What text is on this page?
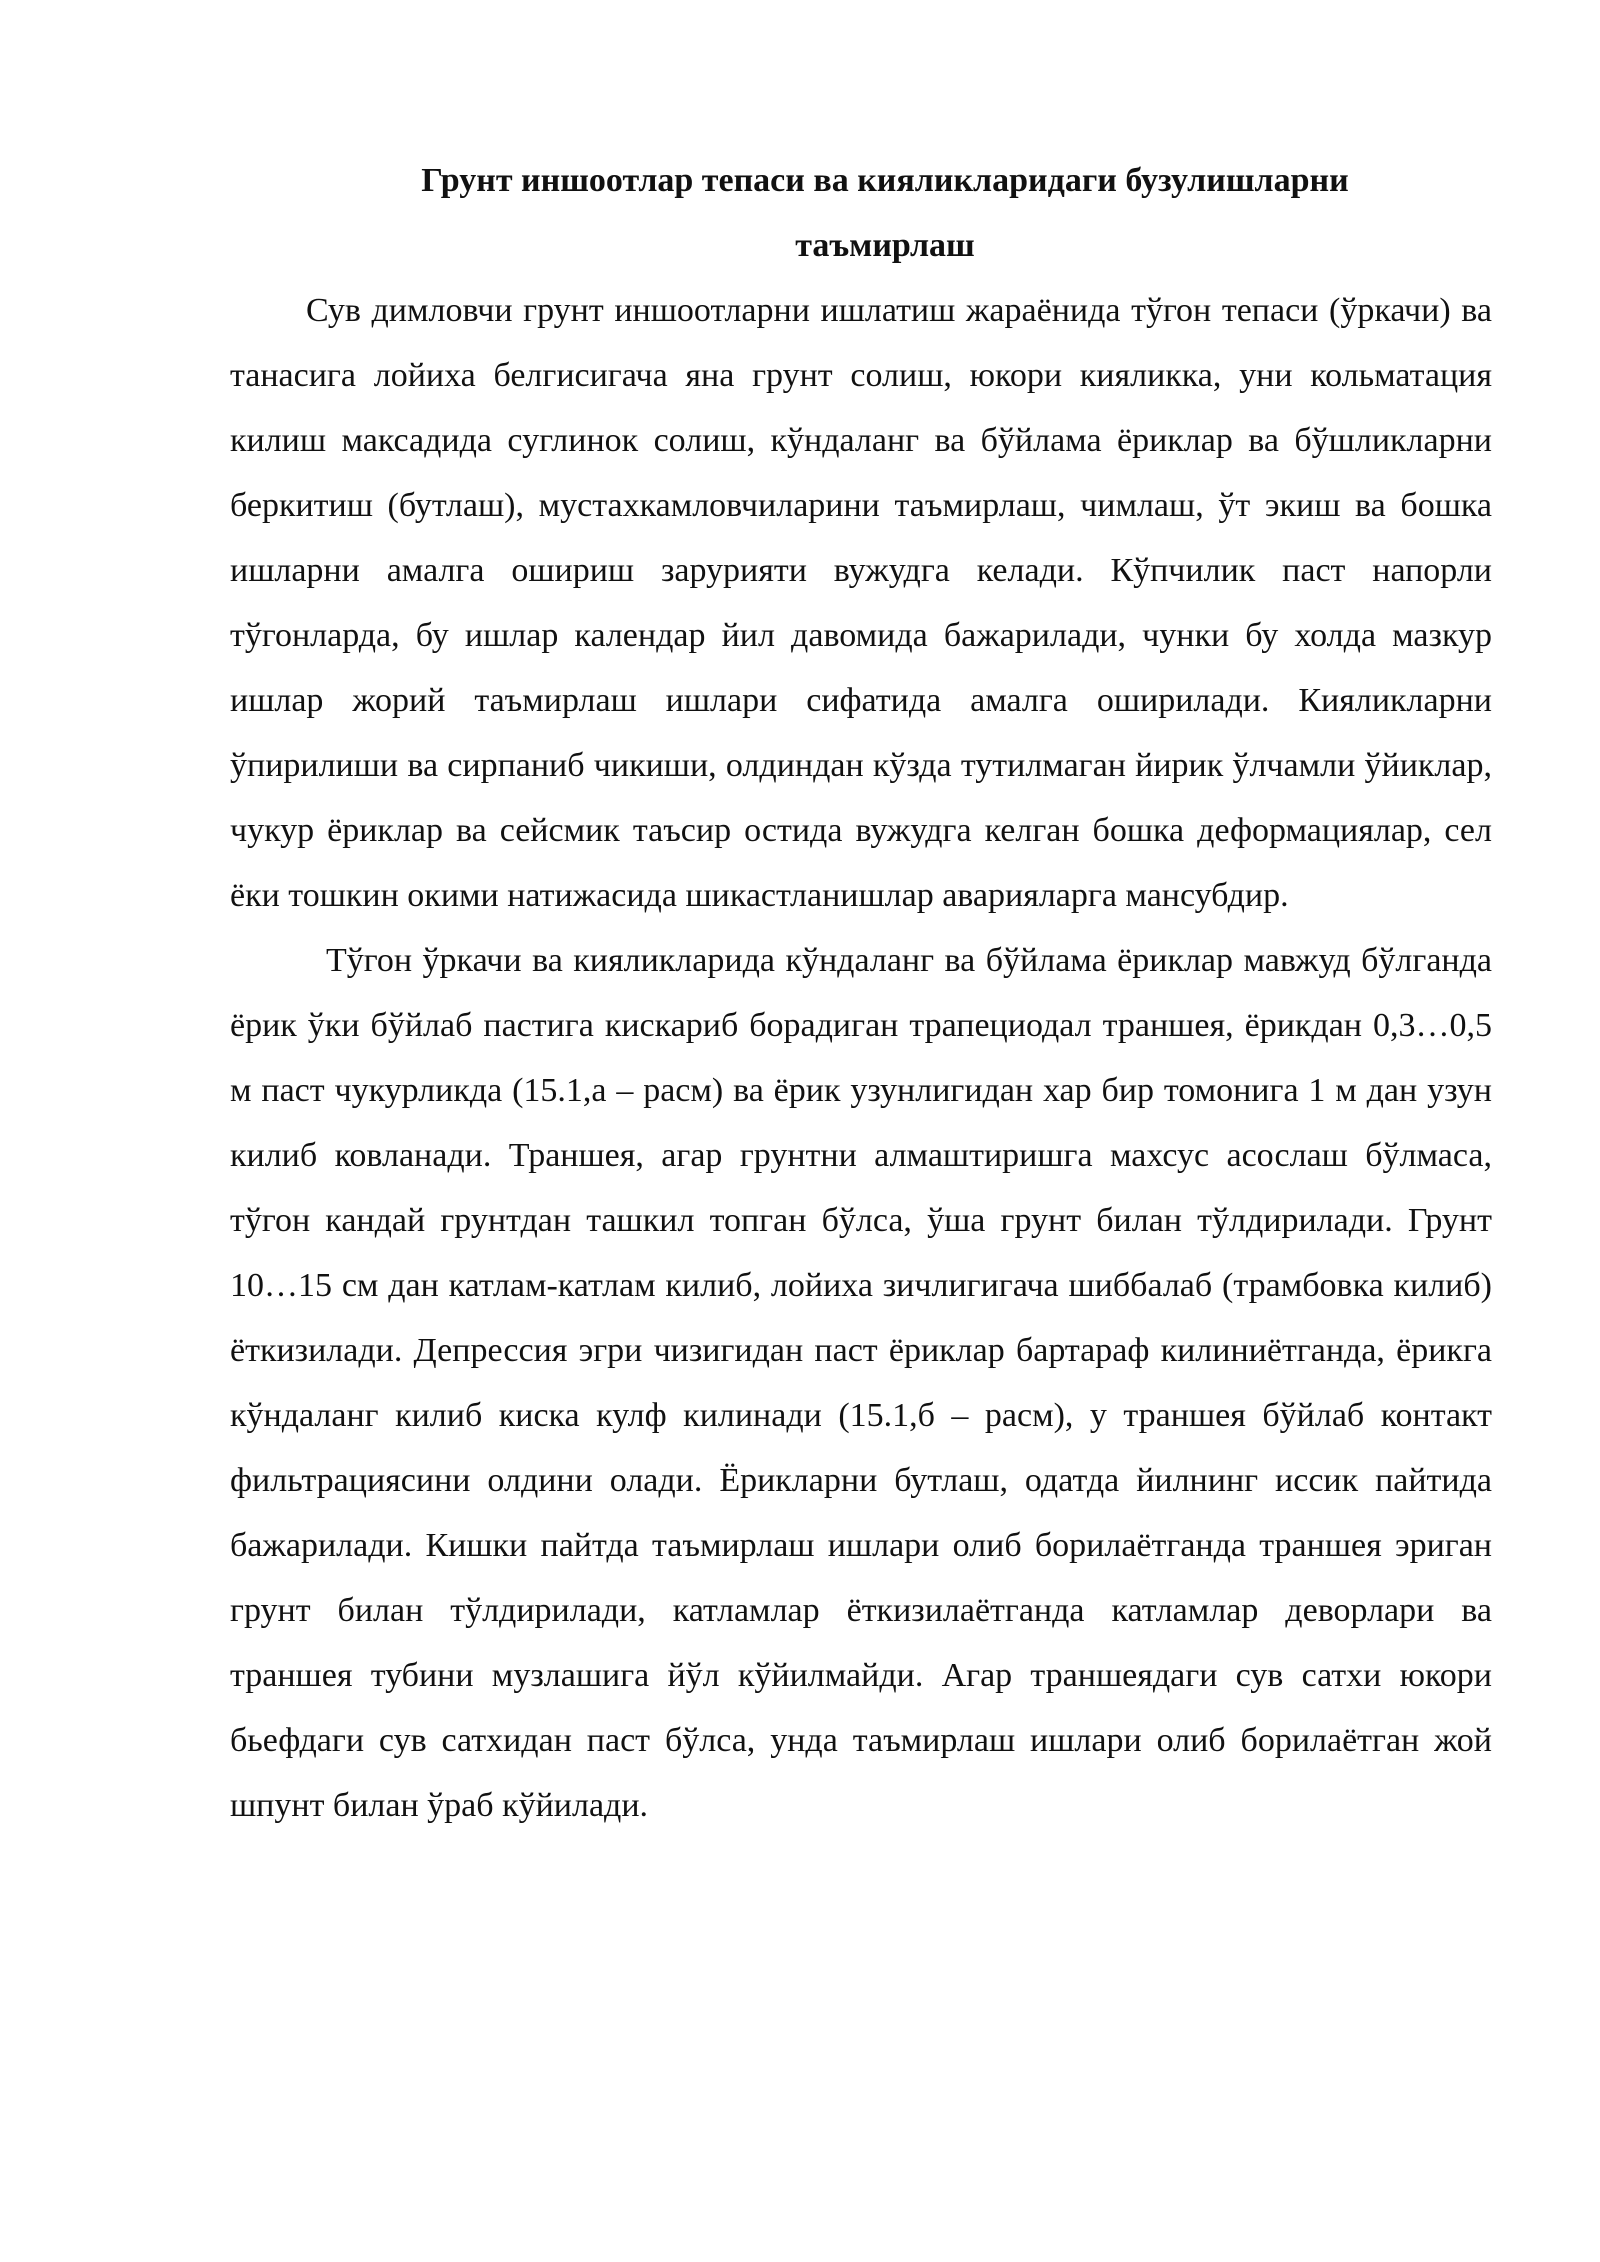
Грунт иншоотлар тепаси ва кияликларидаги бузулишларни
таъмирлаш

Сув димловчи грунт иншоотларни ишлатиш жараёнида тўгон тепаси (ўркачи) ва танасига лойиха белгисигача яна грунт солиш, юкори кияликка, уни кольматация килиш максадида суглинок солиш, кўндаланг ва бўйлама ёриклар ва бўшликларни беркитиш (бутлаш), мустахкамловчиларини таъмирлаш, чимлаш, ўт экиш ва бошка ишларни амалга ошириш зарурияти вужудга келади. Кўпчилик паст напорли тўгонларда, бу ишлар календар йил давомида бажарилади, чунки бу холда мазкур ишлар жорий таъмирлаш ишлари сифатида амалга оширилади. Кияликларни ўпирилиши ва сирпаниб чикиши, олдиндан кўзда тутилмаган йирик ўлчамли ўйиклар, чукур ёриклар ва сейсмик таъсир остида вужудга келган бошка деформациялар, сел ёки тошкин окими натижасида шикастланишлар аварияларга мансубдир.

Тўгон ўркачи ва кияликларида кўндаланг ва бўйлама ёриклар мавжуд бўлганда ёрик ўки бўйлаб пастига кискариб борадиган трапециодал траншея, ёрикдан 0,3…0,5 м паст чукурликда (15.1,а – расм) ва ёрик узунлигидан хар бир томонига 1 м дан узун килиб ковланади. Траншея, агар грунтни алмаштиришга махсус асослаш бўлмаса, тўгон кандай грунтдан ташкил топган бўлса, ўша грунт билан тўлдирилади. Грунт 10…15 см дан катлам-катлам килиб, лойиха зичлигигача шиббалаб (трамбовка килиб) ёткизилади. Депрессия эгри чизигидан паст ёриклар бартараф килиниётганда, ёрикга кўндаланг килиб киска кулф килинади (15.1,б – расм), у траншея бўйлаб контакт фильтрациясини олдини олади. Ёрикларни бутлаш, одатда йилнинг иссик пайтида бажарилади. Кишки пайтда таъмирлаш ишлари олиб борилаётганда траншея эриган грунт билан тўлдирилади, катламлар ёткизилаётганда катламлар деворлари ва траншея тубини музлашига йўл кўйилмайди. Агар траншеядаги сув сатхи юкори бьефдаги сув сатхидан паст бўлса, унда таъмирлаш ишлари олиб борилаётган жой шпунт билан ўраб кўйилади.
